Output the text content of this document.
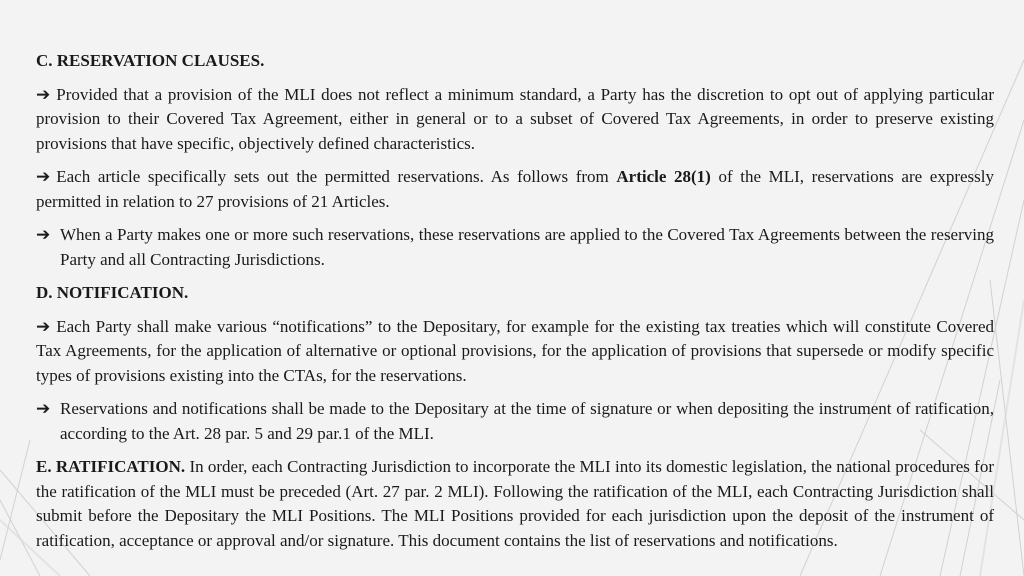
C. RESERVATION CLAUSES.

➔ Provided that a provision of the MLI does not reflect a minimum standard, a Party has the discretion to opt out of applying particular provision to their Covered Tax Agreement, either in general or to a subset of Covered Tax Agreements, in order to preserve existing provisions that have specific, objectively defined characteristics.

➔ Each article specifically sets out the permitted reservations. As follows from Article 28(1) of the MLI, reservations are expressly permitted in relation to 27 provisions of 21 Articles.

➔ When a Party makes one or more such reservations, these reservations are applied to the Covered Tax Agreements between the reserving Party and all Contracting Jurisdictions.

D. NOTIFICATION.

➔ Each Party shall make various “notifications” to the Depositary, for example for the existing tax treaties which will constitute Covered Tax Agreements, for the application of alternative or optional provisions, for the application of provisions that supersede or modify specific types of provisions existing into the CTAs, for the reservations.

➔ Reservations and notifications shall be made to the Depositary at the time of signature or when depositing the instrument of ratification, according to the Art. 28 par. 5 and 29 par.1 of the MLI.

E. RATIFICATION. In order, each Contracting Jurisdiction to incorporate the MLI into its domestic legislation, the national procedures for the ratification of the MLI must be preceded (Art. 27 par. 2 MLI). Following the ratification of the MLI, each Contracting Jurisdiction shall submit before the Depositary the MLI Positions. The MLI Positions provided for each jurisdiction upon the deposit of the instrument of ratification, acceptance or approval and/or signature. This document contains the list of reservations and notifications.
